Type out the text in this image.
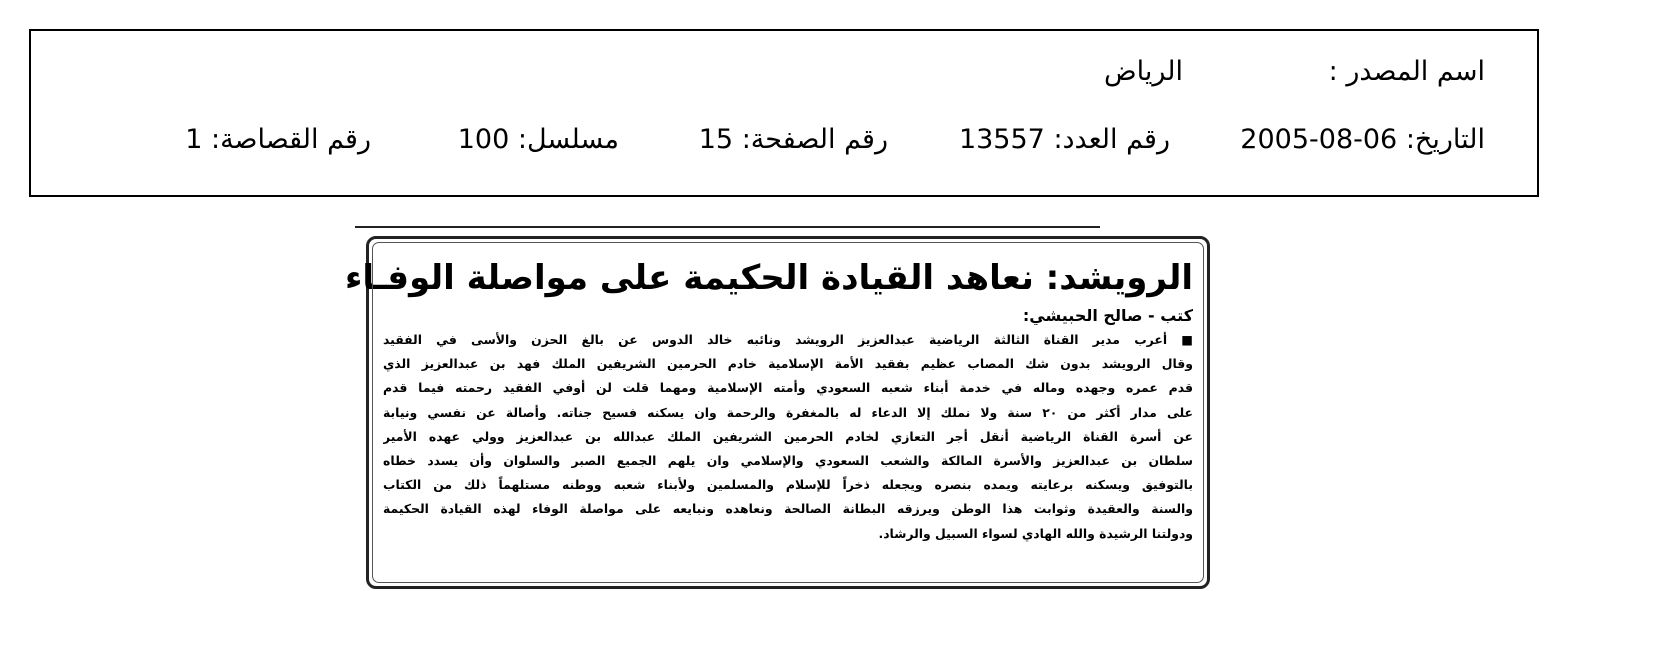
اسم المصدر :
الرياض
التاريخ: 06-08-2005
رقم العدد: 13557
رقم الصفحة: 15
مسلسل: 100
رقم القصاصة: 1
الرويشد: نعاهد القيادة الحكيمة على مواصلة الوفـاء
كتب - صالح الحبيشي:
■ أعرب مدير القناة الثالثة الرياضية عبدالعزيز الرويشد ونائبه خالد الدوس عن بالغ الحزن والأسى في الفقيد
وقال الرويشد بدون شك المصاب عظيم بفقيد الأمة الإسلامية خادم الحرمين الشريفين الملك فهد بن عبدالعزيز الذي
قدم عمره وجهده وماله في خدمة أبناء شعبه السعودي وأمته الإسلامية ومهما قلت لن أوفي الفقيد رحمته فيما قدم
على مدار أكثر من ٢٠ سنة ولا نملك إلا الدعاء له بالمغفرة والرحمة وان يسكنه فسيح جناته. وأصالة عن نفسي ونيابة
عن أسرة القناة الرياضية أنقل أجر التعازي لخادم الحرمين الشريفين الملك عبدالله بن عبدالعزيز وولي عهده الأمير
سلطان بن عبدالعزيز والأسرة المالكة والشعب السعودي والإسلامي وان يلهم الجميع الصبر والسلوان وأن يسدد خطاه
بالتوفيق ويسكنه برعايته ويمده بنصره ويجعله ذخراً للإسلام والمسلمين ولأبناء شعبه ووطنه مستلهماً ذلك من الكتاب
والسنة والعقيدة وثوابت هذا الوطن ويرزقه البطانة الصالحة ونعاهده ونبايعه على مواصلة الوفاء لهذه القيادة الحكيمة
ودولتنا الرشيدة والله الهادي لسواء السبيل والرشاد.
